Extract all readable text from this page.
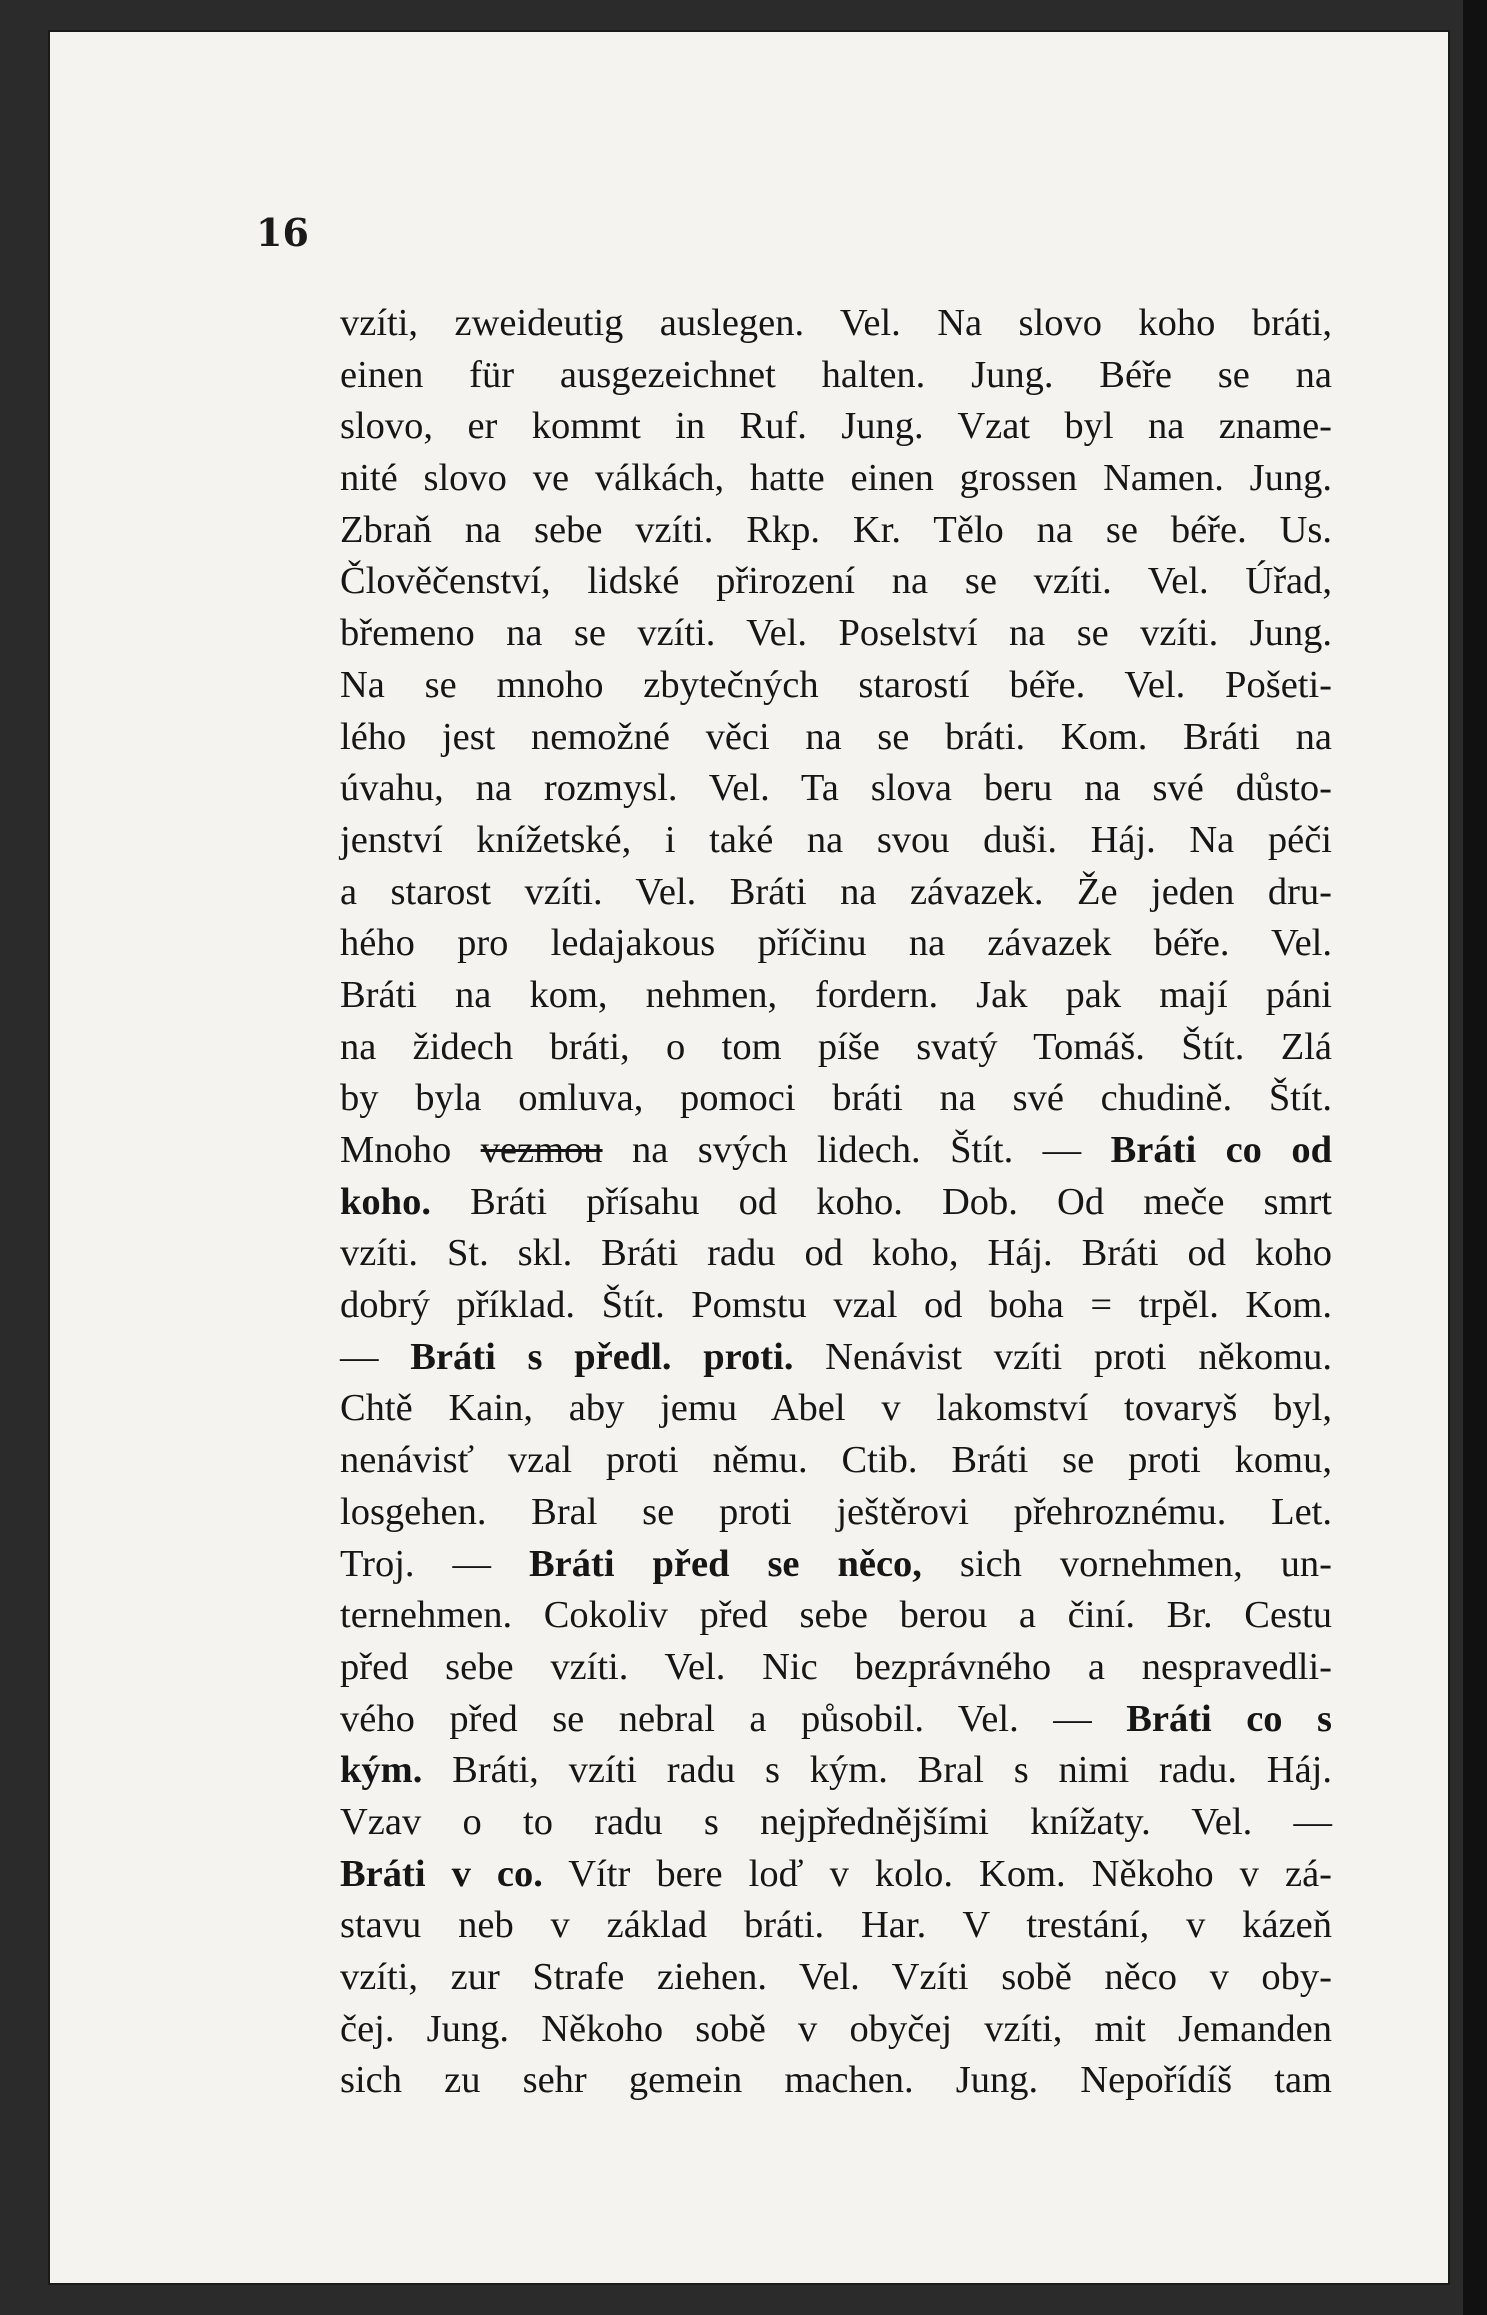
16
vzíti, zweideutig auslegen. Vel. Na slovo koho bráti,
einen für ausgezeichnet halten. Jung. Béře se na
slovo, er kommt in Ruf. Jung. Vzat byl na zname-
nité slovo ve válkách, hatte einen grossen Namen. Jung.
Zbraň na sebe vzíti. Rkp. Kr. Tělo na se béře. Us.
Člověčenství, lidské přirození na se vzíti. Vel. Úřad,
břemeno na se vzíti. Vel. Poselství na se vzíti. Jung.
Na se mnoho zbytečných starostí béře. Vel. Pošeti-
lého jest nemožné věci na se bráti. Kom. Bráti na
úvahu, na rozmysl. Vel. Ta slova beru na své důsto-
jenství knížetské, i také na svou duši. Háj. Na péči
a starost vzíti. Vel. Bráti na závazek. Že jeden dru-
hého pro ledajakous příčinu na závazek béře. Vel.
Bráti na kom, nehmen, fordern. Jak pak mají páni
na židech bráti, o tom píše svatý Tomáš. Štít. Zlá
by byla omluva, pomoci bráti na své chudině. Štít.
Mnoho vezmou na svých lidech. Štít. — Bráti co od
koho. Bráti přísahu od koho. Dob. Od meče smrt
vzíti. St. skl. Bráti radu od koho, Háj. Bráti od koho
dobrý příklad. Štít. Pomstu vzal od boha = trpěl. Kom.
— Bráti s předl. proti. Nenávist vzíti proti někomu.
Chtě Kain, aby jemu Abel v lakomství tovaryš byl,
nenávisť vzal proti němu. Ctib. Bráti se proti komu,
losgehen. Bral se proti ještěrovi přehroznému. Let.
Troj. — Bráti před se něco, sich vornehmen, un-
ternehmen. Cokoliv před sebe berou a činí. Br. Cestu
před sebe vzíti. Vel. Nic bezprávného a nespravedli-
vého před se nebral a působil. Vel. — Bráti co s
kým. Bráti, vzíti radu s kým. Bral s nimi radu. Háj.
Vzav o to radu s nejpřednějšími knížaty. Vel. —
Bráti v co. Vítr bere loď v kolo. Kom. Někoho v zá-
stavu neb v základ bráti. Har. V trestání, v kázeň
vzíti, zur Strafe ziehen. Vel. Vzíti sobě něco v oby-
čej. Jung. Někoho sobě v obyčej vzíti, mit Jemanden
sich zu sehr gemein machen. Jung. Nepořídíš tam
